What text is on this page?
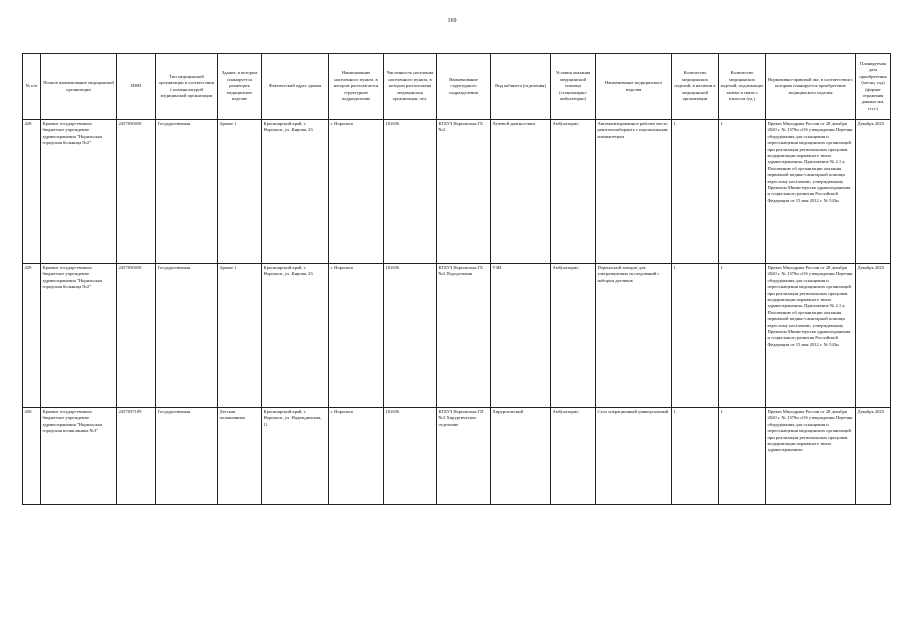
169
№ п/п	Полное наименование медицинской организации	ИНН	Тип медицинской организации в соответствии с номенклатурой медицинской организации	Здание, в котором планируется размещать медицинское изделие	Фактический адрес здания	Наименование населенного пункта, в котором располагается структурное подразделение	Численность населения населенного пункта, в котором расположена медицинская организация, чел.	Наименование структурного подразделения	Вид кабинета (отделения)	Условия оказания медицинской помощи (стационарно/амбулаторно)	Наименование медицинского изделия	Количество медицинских изделий, в наличии в медицинской организации	Количество медицинских изделий, подлежащих замене в связи с износом (ед.)	Нормативно-правовой акт, в соответствии с которым планируется приобретение медицинского изделия	Планируемая дата приобретения (месяц, год) (формат отражения данных мм. гггг.)
428	Краевое государственное бюджетное учреждение здравоохранения "Норильская городская больница №2"	2457050050	Государственная	Здание 1	Красноярский край, г. Норильск, ул. Кирова, 23	г. Норильск	181656	КГБУЗ Норильская ГБ №2	Лучевой диагностики	Амбулаторно	Автоматизированное рабочее место рентгенолаборанта с персональным компьютером	1	1	Приказ Минздрава России от 28 декабря 2020 г. № 1379н «Об утверждении Перечня оборудования для оснащения и переоснащения медицинских организаций при реализации региональных программ модернизации первичного звена здравоохранения» Приложение № 2.1 к Положению об организации оказания первичной медико-санитарной помощи взрослому населению, утвержденному Приказом Министерства здравоохранения и социального развития Российской Федерации от 15 мая 2012 г. № 543н	Декабрь 2025
429	Краевое государственное бюджетное учреждение здравоохранения "Норильская городская больница №2"	2457050050	Государственная	Здание 1	Красноярский край, г. Норильск, ул. Кирова, 23	г. Норильск	181656	КГБУЗ Норильская ГБ №2 Пододеления	УЗИ	Амбулаторно	Переносной аппарат для ультразвуковых исследований с набором датчиков	1	1	Приказ Минздрава России от 28 декабря 2020 г. № 1379н «Об утверждении Перечня оборудования для оснащения и переоснащения медицинских организаций при реализации региональных программ модернизации первичного звена здравоохранения» Приложение № 2.1 к Положению об организации оказания первичной медико-санитарной помощи взрослому населению, утвержденному Приказом Министерства здравоохранения и социального развития Российской Федерации от 15 мая 2012 г. № 543н	Декабрь 2025
430	Краевое государственное бюджетное учреждение здравоохранения "Норильская городская поликлиника №3"	2457037109	Государственная	Детская поликлиника	Красноярский край, г. Норильск, ул. Надеждинская, 11	г. Норильск	181656	КГБУЗ Норильская ГП №3 Хирургическое отделение	Хирургический	Амбулаторно	Стол операционный универсальный	1	1	Приказ Минздрава России от 28 декабря 2020 г. № 1379н «Об утверждении Перечня оборудования для оснащения и переоснащения медицинских организаций при реализации региональных программ модернизации первичного звена здравоохранения»	Декабрь 2025
